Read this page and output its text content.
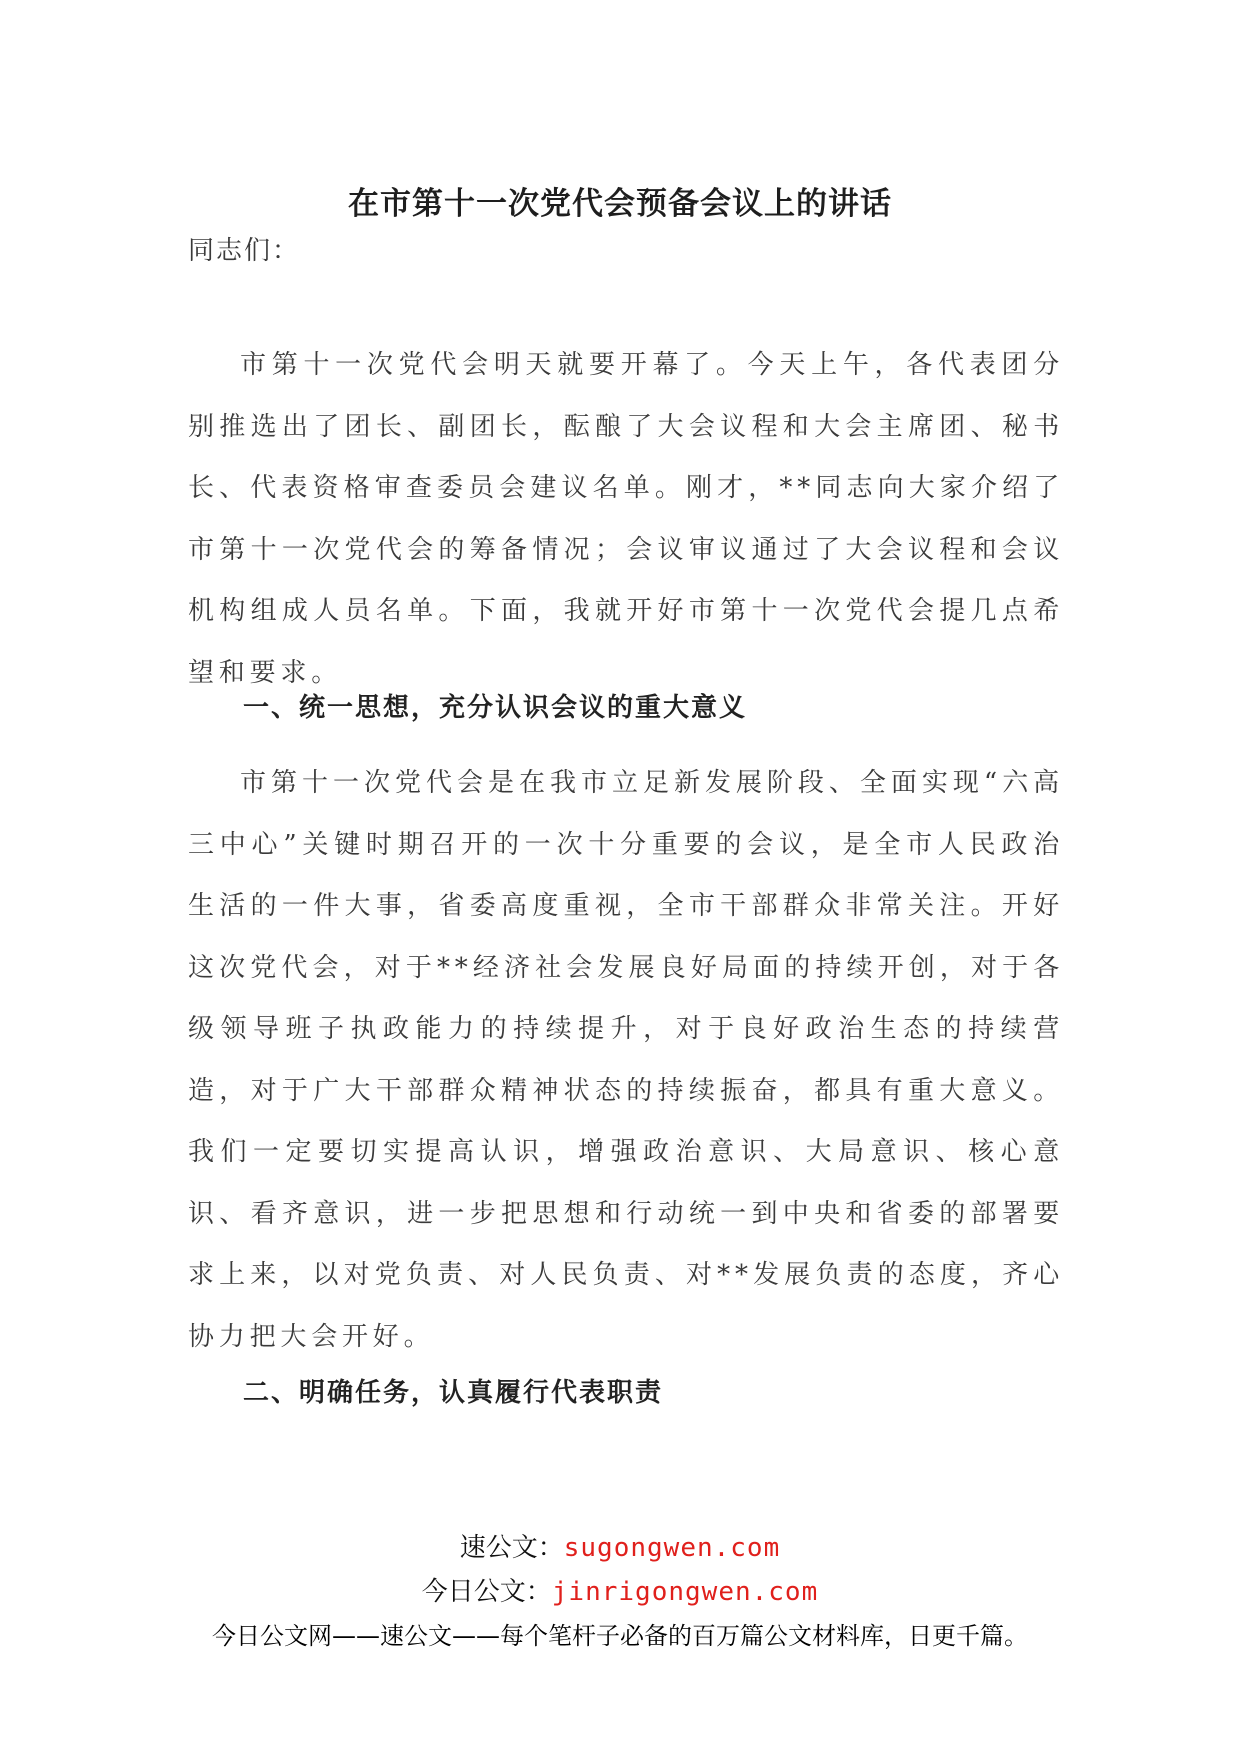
在市第十一次党代会预备会议上的讲话
同志们：

市第十一次党代会明天就要开幕了。今天上午，各代表团分别推选出了团长、副团长，酝酿了大会议程和大会主席团、秘书长、代表资格审查委员会建议名单。刚才，**同志向大家介绍了市第十一次党代会的筹备情况；会议审议通过了大会议程和会议机构组成人员名单。下面，我就开好市第十一次党代会提几点希望和要求。

一、统一思想，充分认识会议的重大意义

市第十一次党代会是在我市立足新发展阶段、全面实现“六高三中心”关键时期召开的一次十分重要的会议，是全市人民政治生活的一件大事，省委高度重视，全市干部群众非常关注。开好这次党代会，对于**经济社会发展良好局面的持续开创，对于各级领导班子执政能力的持续提升，对于良好政治生态的持续营造，对于广大干部群众精神状态的持续振奋，都具有重大意义。我们一定要切实提高认识，增强政治意识、大局意识、核心意识、看齐意识，进一步把思想和行动统一到中央和省委的部署要求上来，以对党负责、对人民负责、对**发展负责的态度，齐心协力把大会开好。

二、明确任务，认真履行代表职责
速公文：sugongwen.com
今日公文：jinrigongwen.com
今日公文网——速公文——每个笔杆子必备的百万篇公文材料库，日更千篇。
